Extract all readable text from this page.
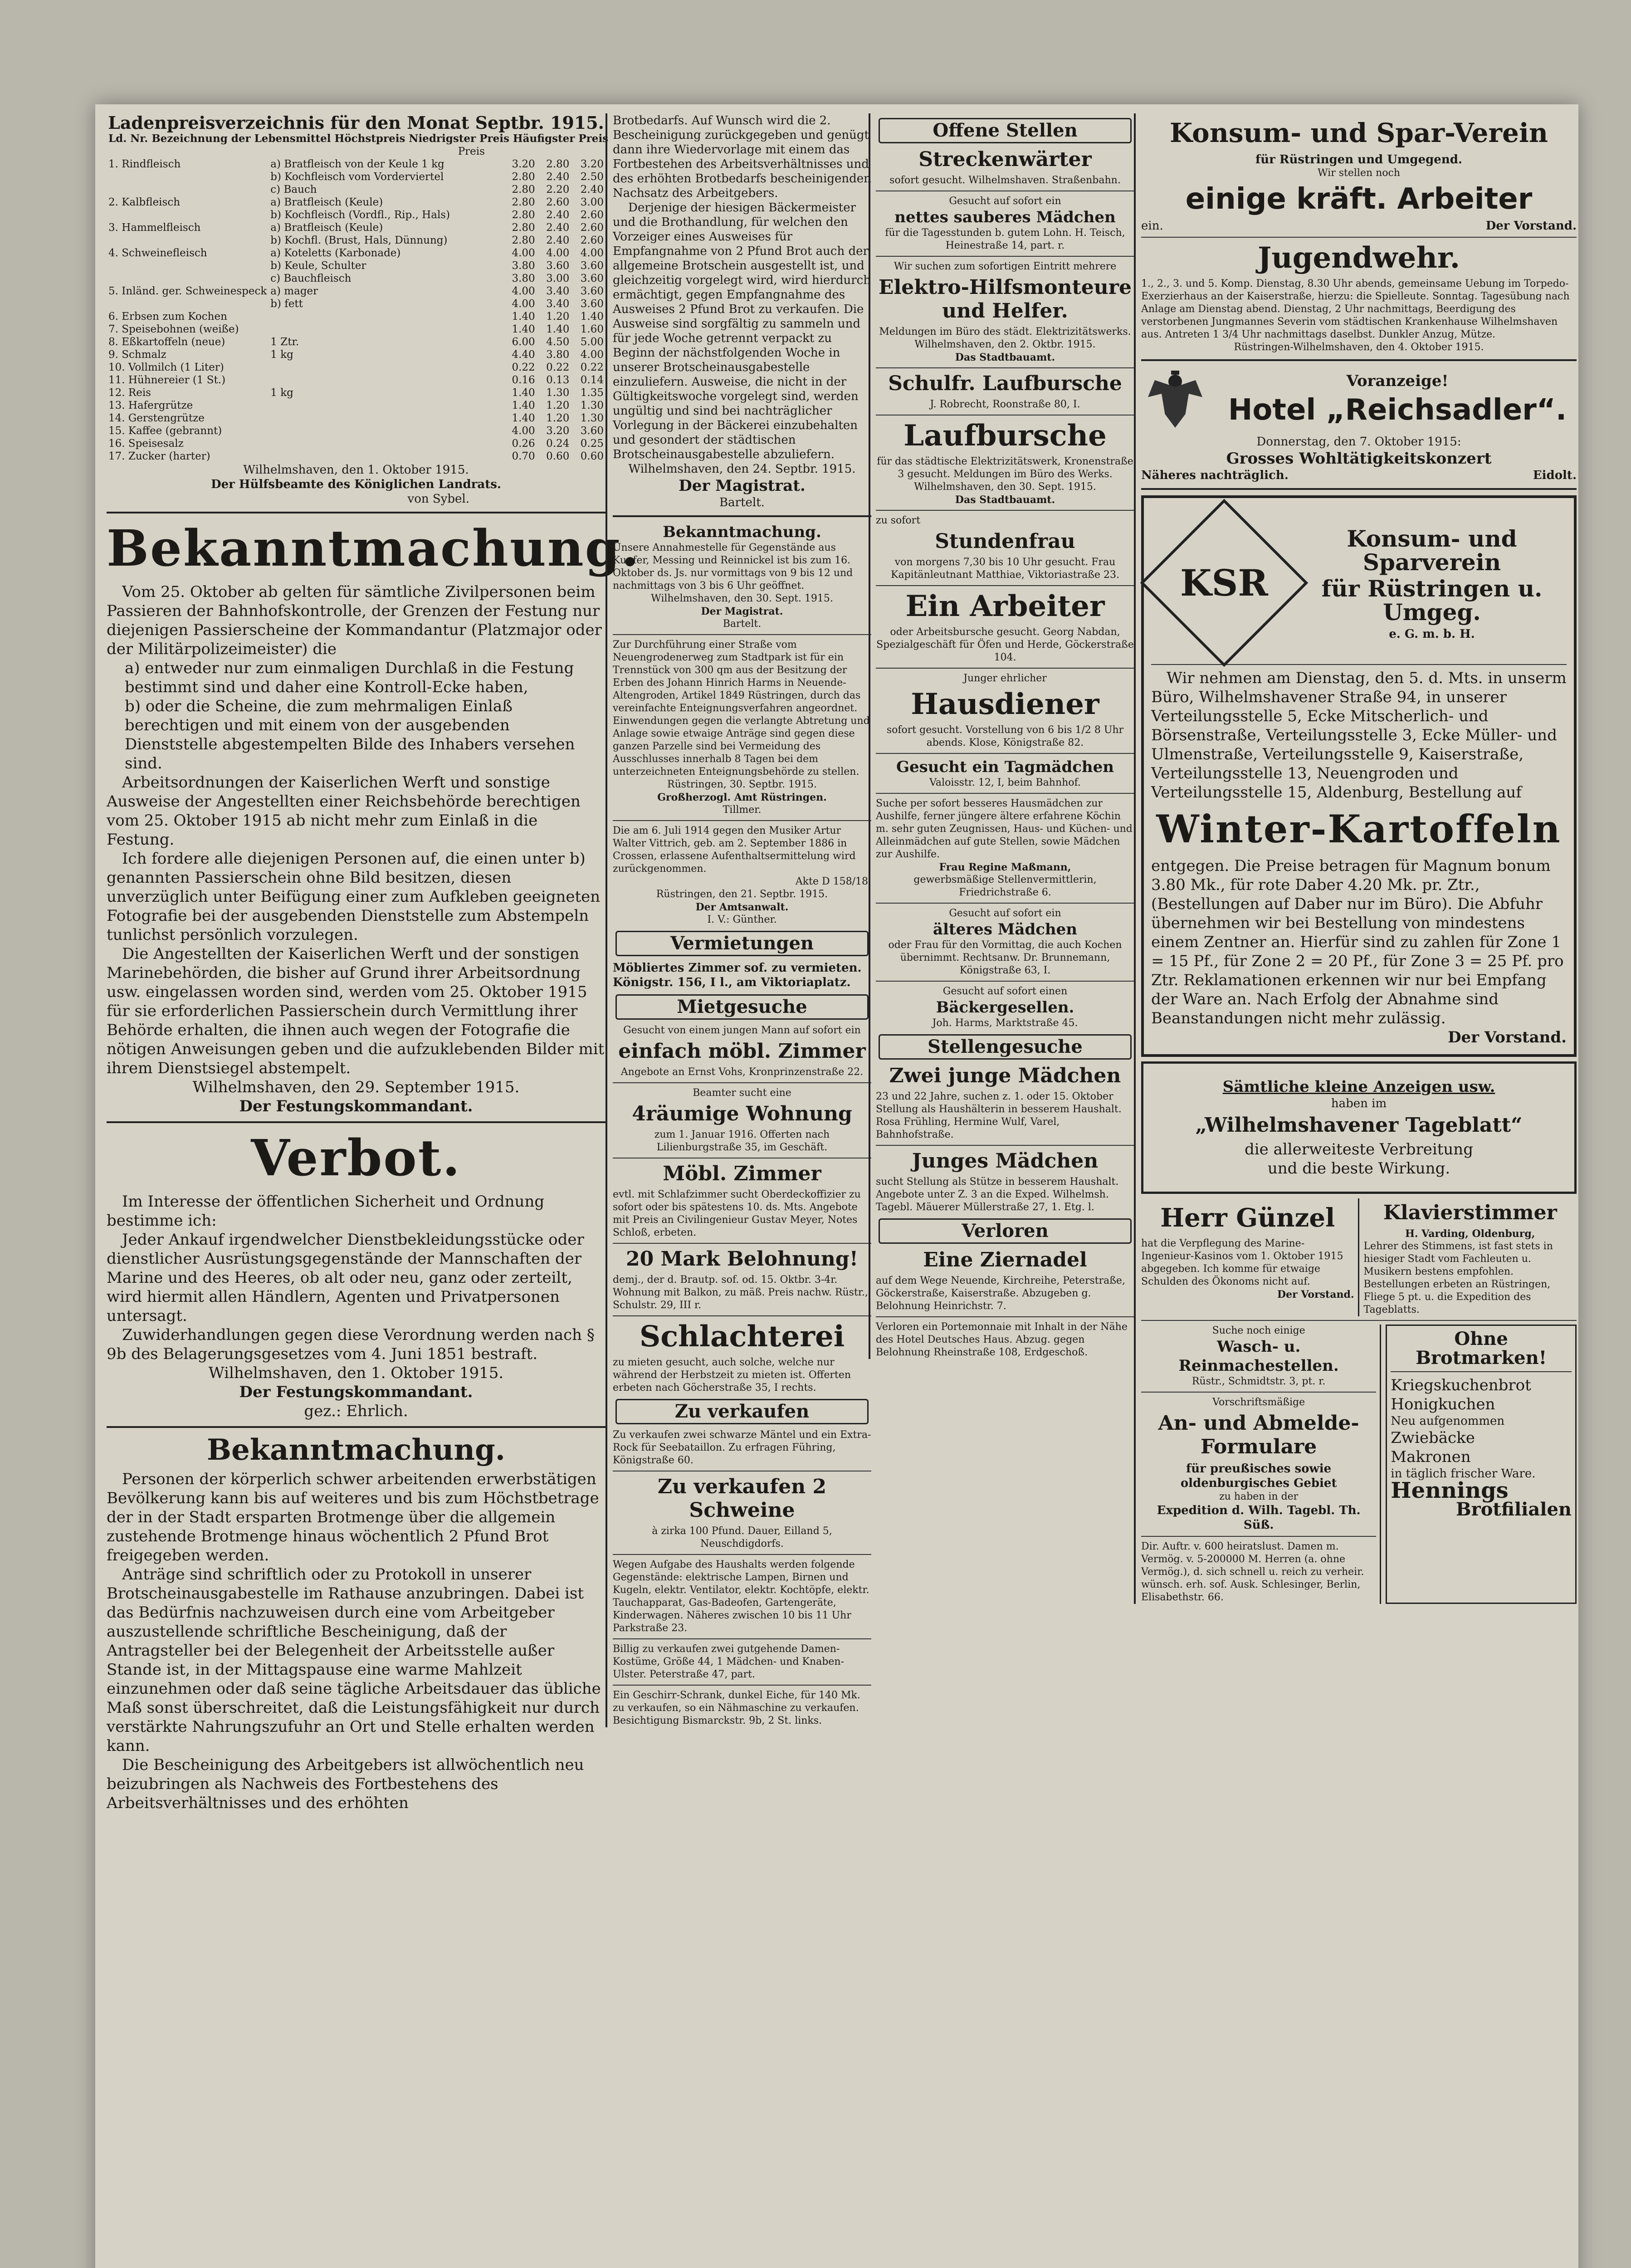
Ladenpreisverzeichnis für den Monat Septbr. 1915.

Ld. Nr.	Bezeichnung der Lebensmittel	Höchstpreis	Niedrigster Preis	Häufigster Preis
		Preis		
1. Rindfleisch	a) Bratfleisch von der Keule 1 kg	3.20	2.80	3.20
	b) Kochfleisch vom Vorderviertel	2.80	2.40	2.50
	c) Bauch	2.80	2.20	2.40
2. Kalbfleisch	a) Bratfleisch (Keule)	2.80	2.60	3.00
	b) Kochfleisch (Vordfl., Rip., Hals)	2.80	2.40	2.60
3. Hammelfleisch	a) Bratfleisch (Keule)	2.80	2.40	2.60
	b) Kochfl. (Brust, Hals, Dünnung)	2.80	2.40	2.60
4. Schweinefleisch	a) Koteletts (Karbonade)	4.00	4.00	4.00
	b) Keule, Schulter	3.80	3.60	3.60
	c) Bauchfleisch	3.80	3.00	3.60
5. Inländ. ger. Schweinespeck	a) mager	4.00	3.40	3.60
	b) fett	4.00	3.40	3.60
6. Erbsen zum Kochen		1.40	1.20	1.40
7. Speisebohnen (weiße)		1.40	1.40	1.60
8. Eßkartoffeln (neue)	1 Ztr.	6.00	4.50	5.00
9. Schmalz	1 kg	4.40	3.80	4.00
10. Vollmilch (1 Liter)		0.22	0.22	0.22
11. Hühnereier (1 St.)		0.16	0.13	0.14
12. Reis	1 kg	1.40	1.30	1.35
13. Hafergrütze		1.40	1.20	1.30
14. Gerstengrütze		1.40	1.20	1.30
15. Kaffee (gebrannt)		4.00	3.20	3.60
16. Speisesalz		0.26	0.24	0.25
17. Zucker (harter)		0.70	0.60	0.60

Wilhelmshaven, den 1. Oktober 1915.

Der Hülfsbeamte des Königlichen Landrats.

von Sybel.

Bekanntmachung.

Vom 25. Oktober ab gelten für sämtliche Zivilpersonen beim Passieren der Bahnhofskontrolle, der Grenzen der Festung nur diejenigen Passierscheine der Kommandantur (Platzmajor oder der Militärpolizeimeister) die

a) entweder nur zum einmaligen Durchlaß in die Festung bestimmt sind und daher eine Kontroll-Ecke haben,

b) oder die Scheine, die zum mehrmaligen Einlaß berechtigen und mit einem von der ausgebenden Dienststelle abgestempelten Bilde des Inhabers versehen sind.

Arbeitsordnungen der Kaiserlichen Werft und sonstige Ausweise der Angestellten einer Reichsbehörde berechtigen vom 25. Oktober 1915 ab nicht mehr zum Einlaß in die Festung.

Ich fordere alle diejenigen Personen auf, die einen unter b) genannten Passierschein ohne Bild besitzen, diesen unverzüglich unter Beifügung einer zum Aufkleben geeigneten Fotografie bei der ausgebenden Dienststelle zum Abstempeln tunlichst persönlich vorzulegen.

Die Angestellten der Kaiserlichen Werft und der sonstigen Marinebehörden, die bisher auf Grund ihrer Arbeitsordnung usw. eingelassen worden sind, werden vom 25. Oktober 1915 für sie erforderlichen Passierschein durch Vermittlung ihrer Behörde erhalten, die ihnen auch wegen der Fotografie die nötigen Anweisungen geben und die aufzuklebenden Bilder mit ihrem Dienstsiegel abstempelt.

Wilhelmshaven, den 29. September 1915.

Der Festungskommandant.

Verbot.

Im Interesse der öffentlichen Sicherheit und Ordnung bestimme ich:

Jeder Ankauf irgendwelcher Dienstbekleidungsstücke oder dienstlicher Ausrüstungsgegenstände der Mannschaften der Marine und des Heeres, ob alt oder neu, ganz oder zerteilt, wird hiermit allen Händlern, Agenten und Privatpersonen untersagt.

Zuwiderhandlungen gegen diese Verordnung werden nach § 9b des Belagerungsgesetzes vom 4. Juni 1851 bestraft.

Wilhelmshaven, den 1. Oktober 1915.

Der Festungskommandant.

gez.: Ehrlich.

Bekanntmachung.

Personen der körperlich schwer arbeitenden erwerbstätigen Bevölkerung kann bis auf weiteres und bis zum Höchstbetrage der in der Stadt ersparten Brotmenge über die allgemein zustehende Brotmenge hinaus wöchentlich 2 Pfund Brot freigegeben werden.

Anträge sind schriftlich oder zu Protokoll in unserer Brotscheinausgabestelle im Rathause anzubringen. Dabei ist das Bedürfnis nachzuweisen durch eine vom Arbeitgeber auszustellende schriftliche Bescheinigung, daß der Antragsteller bei der Belegenheit der Arbeitsstelle außer Stande ist, in der Mittagspause eine warme Mahlzeit einzunehmen oder daß seine tägliche Arbeitsdauer das übliche Maß sonst überschreitet, daß die Leistungsfähigkeit nur durch verstärkte Nahrungszufuhr an Ort und Stelle erhalten werden kann.

Die Bescheinigung des Arbeitgebers ist allwöchentlich neu beizubringen als Nachweis des Fortbestehens des Arbeitsverhältnisses und des erhöhten

Brotbedarfs. Auf Wunsch wird die 2. Bescheinigung zurückgegeben und genügt dann ihre Wiedervorlage mit einem das Fortbestehen des Arbeitsverhältnisses und des erhöhten Brotbedarfs bescheinigenden Nachsatz des Arbeitgebers.

Derjenige der hiesigen Bäckermeister und die Brothandlung, für welchen den Vorzeiger eines Ausweises für Empfangnahme von 2 Pfund Brot auch der allgemeine Brotschein ausgestellt ist, und gleichzeitig vorgelegt wird, wird hierdurch ermächtigt, gegen Empfangnahme des Ausweises 2 Pfund Brot zu verkaufen. Die Ausweise sind sorgfältig zu sammeln und für jede Woche getrennt verpackt zu Beginn der nächstfolgenden Woche in unserer Brotscheinausgabestelle einzuliefern. Ausweise, die nicht in der Gültigkeitswoche vorgelegt sind, werden ungültig und sind bei nachträglicher Vorlegung in der Bäckerei einzubehalten und gesondert der städtischen Brotscheinausgabestelle abzuliefern.

Wilhelmshaven, den 24. Septbr. 1915.

Der Magistrat.

Bartelt.

Bekanntmachung.

Unsere Annahmestelle für Gegenstände aus Kupfer, Messing und Reinnickel ist bis zum 16. Oktober ds. Js. nur vormittags von 9 bis 12 und nachmittags von 3 bis 6 Uhr geöffnet.

Wilhelmshaven, den 30. Sept. 1915.

Der Magistrat.

Bartelt.

Zur Durchführung einer Straße vom Neuengrodenerweg zum Stadtpark ist für ein Trennstück von 300 qm aus der Besitzung der Erben des Johann Hinrich Harms in Neuende-Altengroden, Artikel 1849 Rüstringen, durch das vereinfachte Enteignungsverfahren angeordnet. Einwendungen gegen die verlangte Abtretung und Anlage sowie etwaige Anträge sind gegen diese ganzen Parzelle sind bei Vermeidung des Ausschlusses innerhalb 8 Tagen bei dem unterzeichneten Enteignungsbehörde zu stellen.

Rüstringen, 30. Septbr. 1915.

Großherzogl. Amt Rüstringen.

Tillmer.

Die am 6. Juli 1914 gegen den Musiker Artur Walter Vittrich, geb. am 2. September 1886 in Crossen, erlassene Aufenthaltsermittelung wird zurückgenommen.

Akte D 158/18.

Rüstringen, den 21. Septbr. 1915.

Der Amtsanwalt.

I. V.: Günther.

Vermietungen

Möbliertes Zimmer sof. zu vermieten. Königstr. 156, I l., am Viktoriaplatz.

Mietgesuche

Gesucht von einem jungen Mann auf sofort ein

einfach möbl. Zimmer

Angebote an Ernst Vohs, Kronprinzenstraße 22.

Beamter sucht eine

4räumige Wohnung

zum 1. Januar 1916. Offerten nach Lilienburgstraße 35, im Geschäft.

Möbl. Zimmer

evtl. mit Schlafzimmer sucht Oberdeckoffizier zu sofort oder bis spätestens 10. ds. Mts. Angebote mit Preis an Civilingenieur Gustav Meyer, Notes Schloß, erbeten.

20 Mark Belohnung!

demj., der d. Brautp. sof. od. 15. Oktbr. 3-4r. Wohnung mit Balkon, zu mäß. Preis nachw. Rüstr., Schulstr. 29, III r.

Schlachterei

zu mieten gesucht, auch solche, welche nur während der Herbstzeit zu mieten ist. Offerten erbeten nach Göcherstraße 35, I rechts.

Zu verkaufen

Zu verkaufen zwei schwarze Mäntel und ein Extra-Rock für Seebataillon. Zu erfragen Führing, Königstraße 60.

Zu verkaufen 2 Schweine

à zirka 100 Pfund. Dauer, Eilland 5, Neuschdigdorfs.

Wegen Aufgabe des Haushalts werden folgende Gegenstände: elektrische Lampen, Birnen und Kugeln, elektr. Ventilator, elektr. Kochtöpfe, elektr. Tauchapparat, Gas-Badeofen, Gartengeräte, Kinderwagen. Näheres zwischen 10 bis 11 Uhr Parkstraße 23.

Billig zu verkaufen zwei gutgehende Damen-Kostüme, Größe 44, 1 Mädchen- und Knaben-Ulster. Peterstraße 47, part.

Ein Geschirr-Schrank, dunkel Eiche, für 140 Mk. zu verkaufen, so ein Nähmaschine zu verkaufen. Besichtigung Bismarckstr. 9b, 2 St. links.

Offene Stellen

Streckenwärter

sofort gesucht. Wilhelmshaven. Straßenbahn.

Gesucht auf sofort ein

nettes sauberes Mädchen

für die Tagesstunden b. gutem Lohn. H. Teisch, Heinestraße 14, part. r.

Wir suchen zum sofortigen Eintritt mehrere

Elektro-Hilfsmonteure und Helfer.

Meldungen im Büro des städt. Elektrizitätswerks.

Wilhelmshaven, den 2. Oktbr. 1915.

Das Stadtbauamt.

Schulfr. Laufbursche

J. Robrecht, Roonstraße 80, I.

Laufbursche

für das städtische Elektrizitätswerk, Kronenstraße 3 gesucht. Meldungen im Büro des Werks.

Wilhelmshaven, den 30. Sept. 1915.

Das Stadtbauamt.

zu sofort

Stundenfrau

von morgens 7,30 bis 10 Uhr gesucht. Frau Kapitänleutnant Matthiae, Viktoriastraße 23.

Ein Arbeiter

oder Arbeitsbursche gesucht. Georg Nabdan, Spezialgeschäft für Öfen und Herde, Göckerstraße 104.

Junger ehrlicher

Hausdiener

sofort gesucht. Vorstellung von 6 bis 1/2 8 Uhr abends. Klose, Königstraße 82.

Gesucht ein Tagmädchen

Valoisstr. 12, I, beim Bahnhof.

Suche per sofort besseres Hausmädchen zur Aushilfe, ferner jüngere ältere erfahrene Köchin m. sehr guten Zeugnissen, Haus- und Küchen- und Alleinmädchen auf gute Stellen, sowie Mädchen zur Aushilfe.

Frau Regine Maßmann,

gewerbsmäßige Stellenvermittlerin, Friedrichstraße 6.

Gesucht auf sofort ein

älteres Mädchen

oder Frau für den Vormittag, die auch Kochen übernimmt. Rechtsanw. Dr. Brunnemann, Königstraße 63, I.

Gesucht auf sofort einen

Bäckergesellen.

Joh. Harms, Marktstraße 45.

Stellengesuche

Zwei junge Mädchen

23 und 22 Jahre, suchen z. 1. oder 15. Oktober Stellung als Haushälterin in besserem Haushalt. Rosa Frühling, Hermine Wulf, Varel, Bahnhofstraße.

Junges Mädchen

sucht Stellung als Stütze in besserem Haushalt. Angebote unter Z. 3 an die Exped. Wilhelmsh. Tagebl. Mäuerer Müllerstraße 27, 1. Etg. l.

Verloren

Eine Ziernadel

auf dem Wege Neuende, Kirchreihe, Peterstraße, Göckerstraße, Kaiserstraße. Abzugeben g. Belohnung Heinrichstr. 7.

Verloren ein Portemonnaie mit Inhalt in der Nähe des Hotel Deutsches Haus. Abzug. gegen Belohnung Rheinstraße 108, Erdgeschoß.

Konsum- und Spar-Verein

für Rüstringen und Umgegend.

Wir stellen noch

einige kräft. Arbeiter

ein.	Der Vorstand.

Jugendwehr.

1., 2., 3. und 5. Komp. Dienstag, 8.30 Uhr abends, gemeinsame Uebung im Torpedo-Exerzierhaus an der Kaiserstraße, hierzu: die Spielleute. Sonntag. Tagesübung nach Anlage am Dienstag abend. Dienstag, 2 Uhr nachmittags, Beerdigung des verstorbenen Jungmannes Severin vom städtischen Krankenhause Wilhelmshaven aus. Antreten 1 3/4 Uhr nachmittags daselbst. Dunkler Anzug, Mütze.

Rüstringen-Wilhelmshaven, den 4. Oktober 1915.

Voranzeige!

Hotel „Reichsadler“.

Donnerstag, den 7. Oktober 1915:

Grosses Wohltätigkeitskonzert

Näheres nachträglich.	Eidolt.

KSR

Konsum- und Sparverein

für Rüstringen u. Umgeg.

e. G. m. b. H.

Wir nehmen am Dienstag, den 5. d. Mts. in unserm Büro, Wilhelmshavener Straße 94, in unserer Verteilungsstelle 5, Ecke Mitscherlich- und Börsenstraße, Verteilungsstelle 3, Ecke Müller- und Ulmenstraße, Verteilungsstelle 9, Kaiserstraße, Verteilungsstelle 13, Neuengroden und Verteilungsstelle 15, Aldenburg, Bestellung auf

Winter-Kartoffeln

entgegen. Die Preise betragen für Magnum bonum 3.80 Mk., für rote Daber 4.20 Mk. pr. Ztr., (Bestellungen auf Daber nur im Büro). Die Abfuhr übernehmen wir bei Bestellung von mindestens einem Zentner an. Hierfür sind zu zahlen für Zone 1 = 15 Pf., für Zone 2 = 20 Pf., für Zone 3 = 25 Pf. pro Ztr. Reklamationen erkennen wir nur bei Empfang der Ware an. Nach Erfolg der Abnahme sind Beanstandungen nicht mehr zulässig.

Der Vorstand.

Sämtliche kleine Anzeigen usw.

haben im

„Wilhelmshavener Tageblatt“

die allerweiteste Verbreitung

und die beste Wirkung.

Herr Günzel

hat die Verpflegung des Marine-Ingenieur-Kasinos vom 1. Oktober 1915 abgegeben. Ich komme für etwaige Schulden des Ökonoms nicht auf.

Der Vorstand.

Klavierstimmer

H. Varding, Oldenburg,

Lehrer des Stimmens, ist fast stets in hiesiger Stadt vom Fachleuten u. Musikern bestens empfohlen. Bestellungen erbeten an Rüstringen, Fliege 5 pt. u. die Expedition des Tageblatts.

Suche noch einige

Wasch- u. Reinmachestellen.

Rüstr., Schmidtstr. 3, pt. r.

Vorschriftsmäßige

An- und Abmelde-Formulare

für preußisches sowie oldenburgisches Gebiet

zu haben in der

Expedition d. Wilh. Tagebl. Th. Süß.

Dir. Auftr. v. 600 heiratslust. Damen m. Vermög. v. 5-200000 M. Herren (a. ohne Vermög.), d. sich schnell u. reich zu verheir. wünsch. erh. sof. Ausk. Schlesinger, Berlin, Elisabethstr. 66.

Ohne Brotmarken!

Kriegskuchenbrot

Honigkuchen

Neu aufgenommen

Zwiebäcke

Makronen

in täglich frischer Ware.

Hennings

Brotfilialen
